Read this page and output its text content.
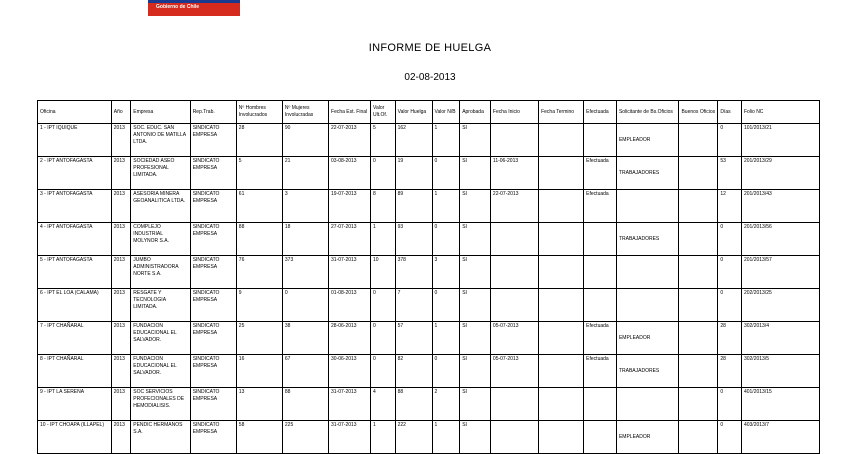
Gobierno de Chile
INFORME DE HUELGA
02-08-2013
Oficina	Año	Empresa	Rep.Trab.	Nº Hombres Involucrados	Nº Mujeres Involucradas	Fecha Est. Final	Valor Ult.Of.	Valor Huelga	Valor N/B	Aprobada	Fecha Inicio	Fecha Termino	Efectuada	Solicitante de Bs.Oficios	Buenos Oficios	Días	Folio NC
1 - IPT IQUIQUE	2013	SOC. EDUC. SAN ANTONIO DE MATILLA LTDA.	SINDICATO EMPRESA	28	90	22-07-2013	5	162	1	SI				EMPLEADOR		0	101/2013/21
2 - IPT ANTOFAGASTA	2013	SOCIEDAD ASEO PROFESIONAL LIMITADA.	SINDICATO EMPRESA	5	21	03-08-2013	0	19	0	SI	11-06-2013		Efectuada	TRABAJADORES		53	201/2013/29
3 - IPT ANTOFAGASTA	2013	ASESORIA MINERA GEOANALITICA LTDA.	SINDICATO EMPRESA	61	3	19-07-2013	8	89	1	SI	22-07-2013		Efectuada			12	201/2013/43
4 - IPT ANTOFAGASTA	2013	COMPLEJO INDUSTRIAL MOLYNOR S.A.	SINDICATO EMPRESA	88	18	27-07-2013	1	93	0	SI				TRABAJADORES		0	201/2013/56
5 - IPT ANTOFAGASTA	2013	JUMBO ADMINISTRADORA NORTE S.A.	SINDICATO EMPRESA	76	373	31-07-2013	10	378	3	SI						0	201/2013/57
6 - IPT EL LOA (CALAMA)	2013	RESGATE Y TECNOLOGIA LIMITADA.	SINDICATO EMPRESA	9	0	01-08-2013	0	7	0	SI						0	202/2013/25
7 - IPT CHAÑARAL	2013	FUNDACION EDUCACIONAL EL SALVADOR.	SINDICATO EMPRESA	25	38	28-06-2013	0	57	1	SI	05-07-2013		Efectuada	EMPLEADOR		28	302/2013/4
8 - IPT CHAÑARAL	2013	FUNDACION EDUCACIONAL EL SALVADOR.	SINDICATO EMPRESA	16	67	30-06-2013	0	82	0	SI	05-07-2013		Efectuada	TRABAJADORES		28	302/2013/5
9 - IPT LA SERENA	2013	SOC SERVICIOS PROFECIONALES DE HEMODIALISIS.	SINDICATO EMPRESA	13	88	31-07-2013	4	88	2	SI						0	401/2013/15
10 - IPT CHOAPA (ILLAPEL)	2013	PENDIC HERMANOS S.A.	SINDICATO EMPRESA	58	225	31-07-2013	1	222	1	SI				EMPLEADOR		0	403/2013/7
